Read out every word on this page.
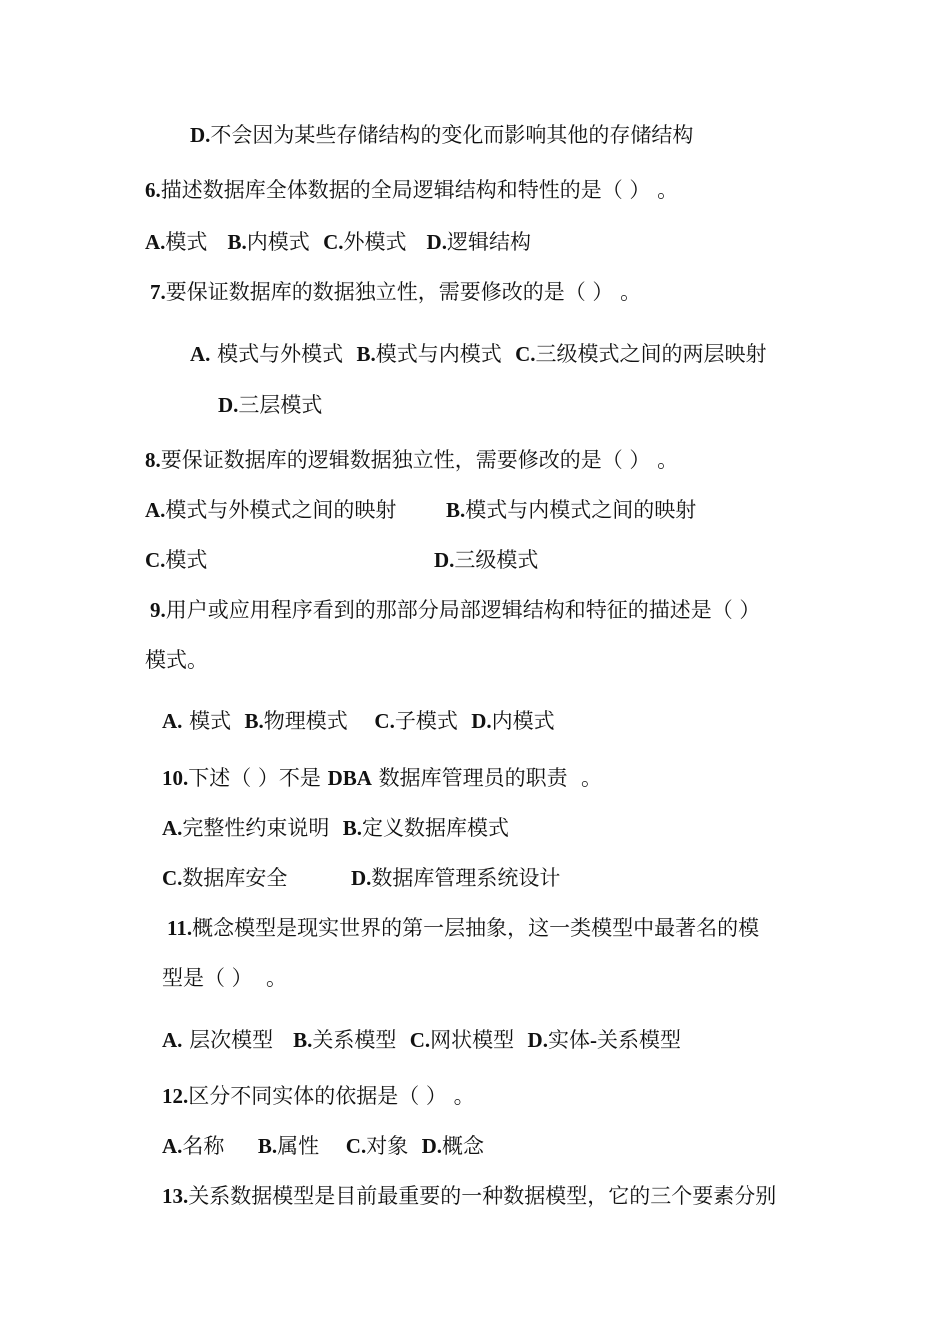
D.不会因为某些存储结构的变化而影响其他的存储结构
6.描述数据库全体数据的全局逻辑结构和特性的是（ ） 。
A.模式   B.内模式  C.外模式   D.逻辑结构
7.要保证数据库的数据独立性，需要修改的是（ ） 。
A. 模式与外模式  B.模式与内模式  C.三级模式之间的两层映射
D.三层模式
8.要保证数据库的逻辑数据独立性，需要修改的是（ ） 。
A.模式与外模式之间的映射 B.模式与内模式之间的映射
C.模式	D.三级模式
9.用户或应用程序看到的那部分局部逻辑结构和特征的描述是（ ）
模式。
A. 模式  B.物理模式    C.子模式  D.内模式
10.下述（ ）不是 DBA 数据库管理员的职责  。
A.完整性约束说明  B.定义数据库模式
C.数据库安全	D.数据库管理系统设计
11.概念模型是现实世界的第一层抽象，这一类模型中最著名的模
型是（ ）  。
A. 层次模型   B.关系模型  C.网状模型  D.实体-关系模型
12.区分不同实体的依据是（ ） 。
A.名称     B.属性    C.对象  D.概念
13.关系数据模型是目前最重要的一种数据模型，它的三个要素分别
